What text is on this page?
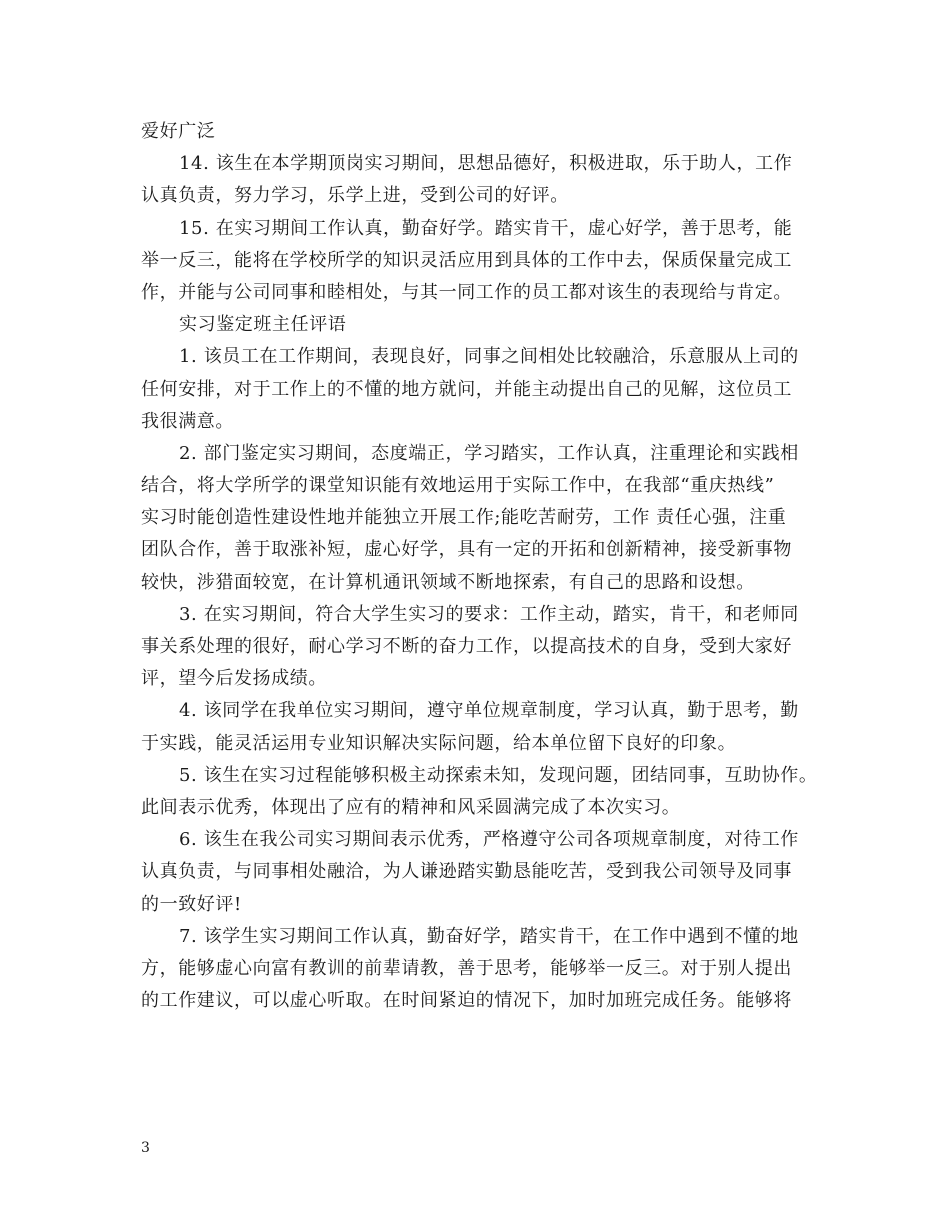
爱好广泛
14. 该生在本学期顶岗实习期间，思想品德好，积极进取，乐于助人，工作
认真负责，努力学习，乐学上进，受到公司的好评。
15. 在实习期间工作认真，勤奋好学。踏实肯干，虚心好学，善于思考，能
举一反三，能将在学校所学的知识灵活应用到具体的工作中去，保质保量完成工
作，并能与公司同事和睦相处，与其一同工作的员工都对该生的表现给与肯定。
实习鉴定班主任评语
1. 该员工在工作期间，表现良好，同事之间相处比较融洽，乐意服从上司的
任何安排，对于工作上的不懂的地方就问，并能主动提出自己的见解，这位员工
我很满意。
2. 部门鉴定实习期间，态度端正，学习踏实，工作认真，注重理论和实践相
结合，将大学所学的课堂知识能有效地运用于实际工作中，在我部“重庆热线”
实习时能创造性建设性地并能独立开展工作;能吃苦耐劳，工作 责任心强，注重
团队合作，善于取涨补短，虚心好学，具有一定的开拓和创新精神，接受新事物
较快，涉猎面较宽，在计算机通讯领域不断地探索，有自己的思路和设想。
3. 在实习期间，符合大学生实习的要求：工作主动，踏实，肯干，和老师同
事关系处理的很好，耐心学习不断的奋力工作，以提高技术的自身，受到大家好
评，望今后发扬成绩。
4. 该同学在我单位实习期间，遵守单位规章制度，学习认真，勤于思考，勤
于实践，能灵活运用专业知识解决实际问题，给本单位留下良好的印象。
5. 该生在实习过程能够积极主动探索未知，发现问题，团结同事，互助协作。
此间表示优秀，体现出了应有的精神和风采圆满完成了本次实习。
6. 该生在我公司实习期间表示优秀，严格遵守公司各项规章制度，对待工作
认真负责，与同事相处融洽，为人谦逊踏实勤恳能吃苦，受到我公司领导及同事
的一致好评!
7. 该学生实习期间工作认真，勤奋好学，踏实肯干，在工作中遇到不懂的地
方，能够虚心向富有教训的前辈请教，善于思考，能够举一反三。对于别人提出
的工作建议，可以虚心听取。在时间紧迫的情况下，加时加班完成任务。能够将
3
